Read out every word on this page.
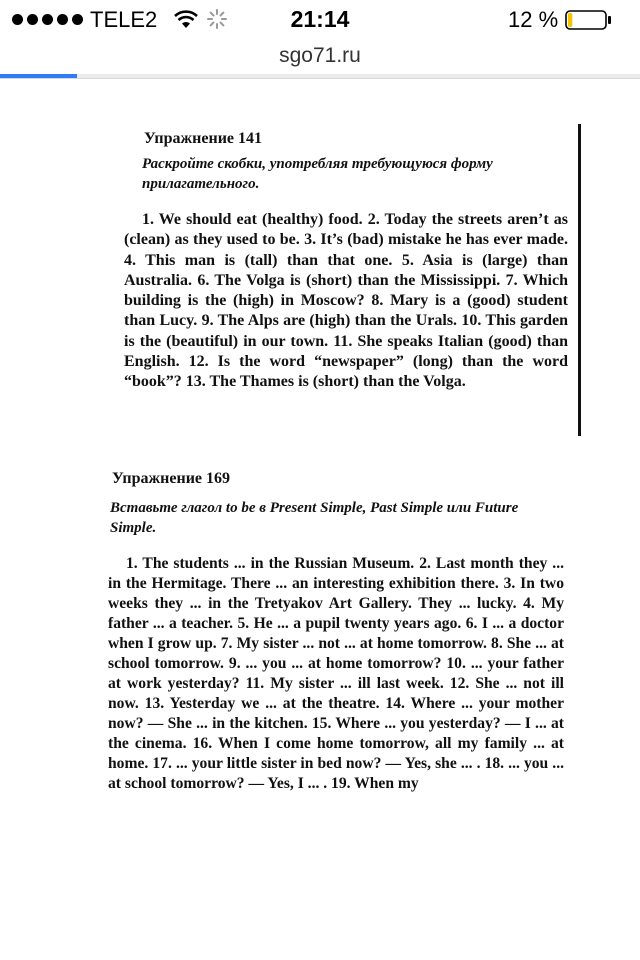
TELE2	21:14	12 %
sgo71.ru
Упражнение 141
Раскройте скобки, употребляя требующуюся форму прилагательного.
1. We should eat (healthy) food. 2. Today the streets aren’t as (clean) as they used to be. 3. It’s (bad) mistake he has ever made. 4. This man is (tall) than that one. 5. Asia is (large) than Australia. 6. The Volga is (short) than the Mississippi. 7. Which building is the (high) in Moscow? 8. Mary is a (good) student than Lucy. 9. The Alps are (high) than the Urals. 10. This garden is the (beautiful) in our town. 11. She speaks Italian (good) than English. 12. Is the word “newspaper” (long) than the word “book”? 13. The Thames is (short) than the Volga.
Упражнение 169
Вставьте глагол to be в Present Simple, Past Simple или Future Simple.
1. The students ... in the Russian Museum. 2. Last month they ... in the Hermitage. There ... an interesting exhibition there. 3. In two weeks they ... in the Tretyakov Art Gallery. They ... lucky. 4. My father ... a teacher. 5. He ... a pupil twenty years ago. 6. I ... a doctor when I grow up. 7. My sister ... not ... at home tomorrow. 8. She ... at school tomorrow. 9. ... you ... at home tomorrow? 10. ... your father at work yesterday? 11. My sister ... ill last week. 12. She ... not ill now. 13. Yesterday we ... at the theatre. 14. Where ... your mother now? — She ... in the kitchen. 15. Where ... you yesterday? — I ... at the cinema. 16. When I come home tomorrow, all my family ... at home. 17. ... your little sister in bed now? — Yes, she ... . 18. ... you ... at school tomorrow? — Yes, I ... . 19. When my
